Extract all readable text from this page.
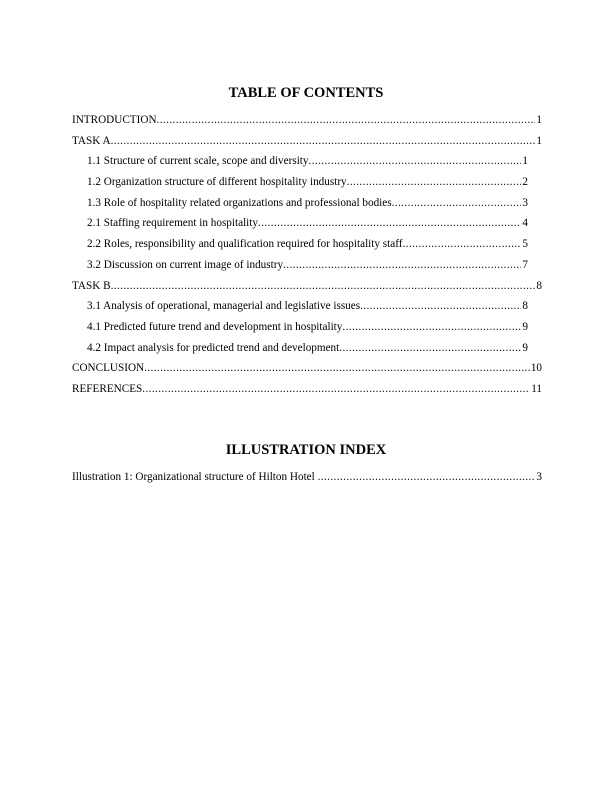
TABLE OF CONTENTS
INTRODUCTION .....	1
TASK A .....	1
1.1 Structure of current scale, scope and diversity .....	1
1.2 Organization structure of different hospitality industry .....	2
1.3 Role of hospitality related organizations and professional bodies .....	3
2.1 Staffing requirement in hospitality .....	4
2.2 Roles, responsibility and qualification required for hospitality staff .....	5
3.2 Discussion on current image of industry .....	7
TASK B .....	8
3.1 Analysis of operational, managerial and legislative issues .....	8
4.1 Predicted future trend and development in hospitality .....	9
4.2 Impact analysis for predicted trend and development .....	9
CONCLUSION .....	10
REFERENCES .....	11
ILLUSTRATION INDEX
Illustration 1: Organizational structure of Hilton Hotel .....	3
